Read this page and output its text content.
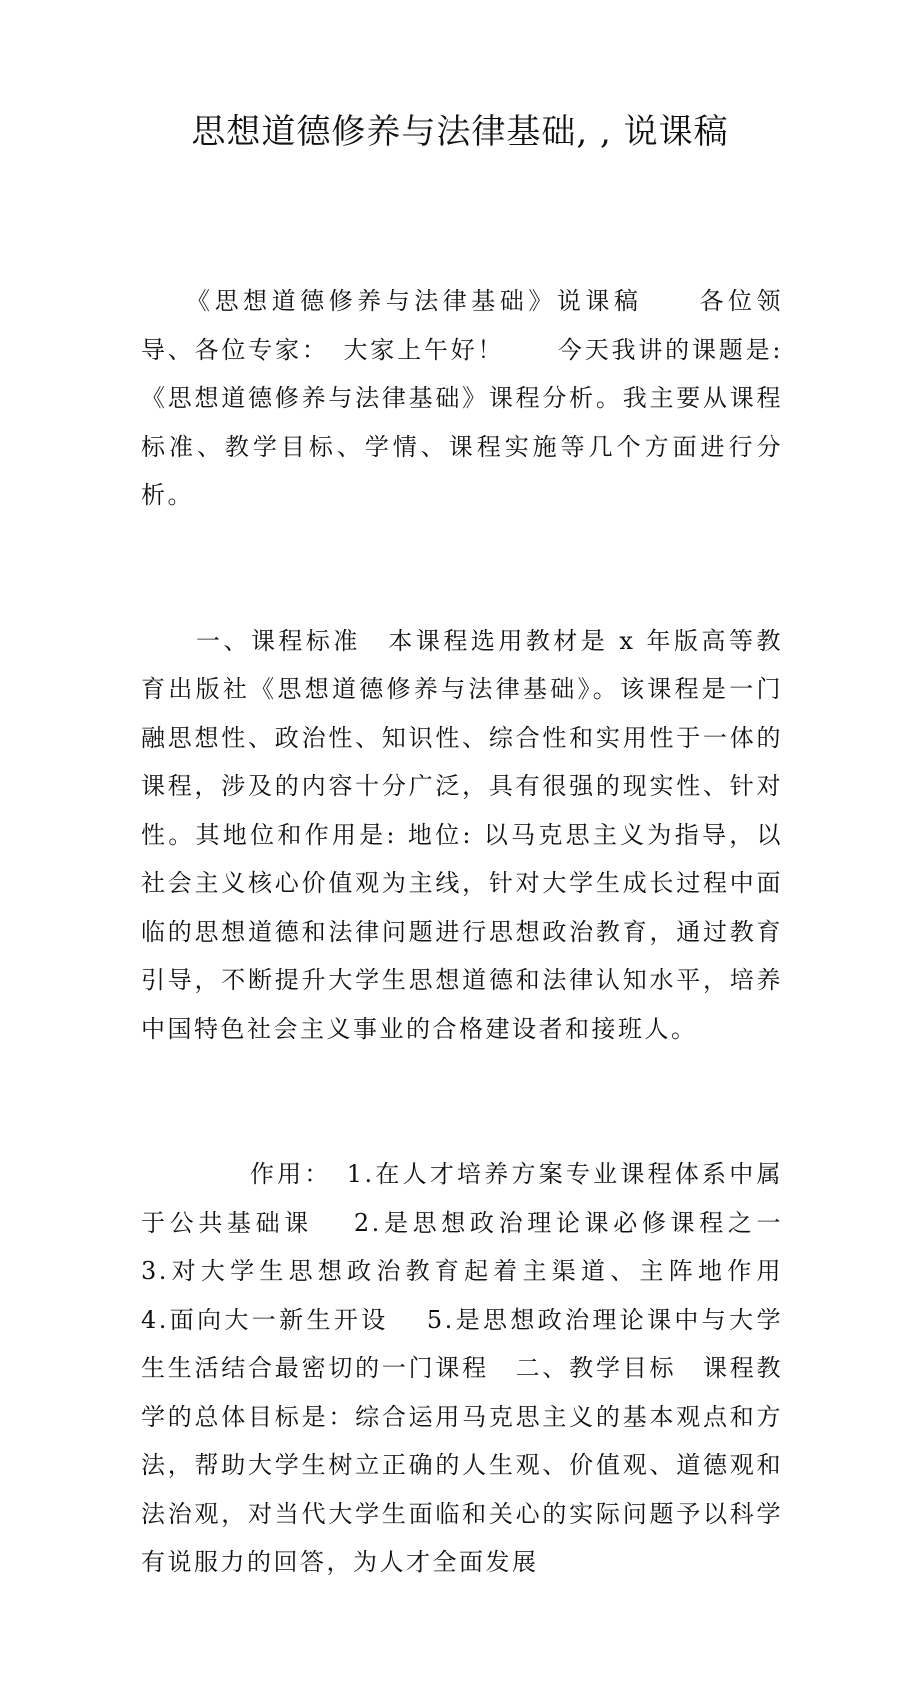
思想道德修养与法律基础, , 说课稿

　　《思想道德修养与法律基础》说课稿　　各位领导、各位专家：　大家上午好！　　今天我讲的课题是:《思想道德修养与法律基础》课程分析。我主要从课程标准、教学目标、学情、课程实施等几个方面进行分析。

　　一、课程标准　本课程选用教材是 x 年版高等教育出版社《思想道德修养与法律基础》。该课程是一门融思想性、政治性、知识性、综合性和实用性于一体的课程，涉及的内容十分广泛，具有很强的现实性、针对性。其地位和作用是: 地位: 以马克思主义为指导，以社会主义核心价值观为主线，针对大学生成长过程中面临的思想道德和法律问题进行思想政治教育，通过教育引导，不断提升大学生思想道德和法律认知水平，培养中国特色社会主义事业的合格建设者和接班人。

　　　　作用：　1.在人才培养方案专业课程体系中属于公共基础课　 2.是思想政治理论课必修课程之一　 3.对大学生思想政治教育起着主渠道、主阵地作用　 4.面向大一新生开设　 5.是思想政治理论课中与大学生生活结合最密切的一门课程　二、教学目标　课程教学的总体目标是：综合运用马克思主义的基本观点和方法，帮助大学生树立正确的人生观、价值观、道德观和法治观，对当代大学生面临和关心的实际问题予以科学有说服力的回答，为人才全面发展
